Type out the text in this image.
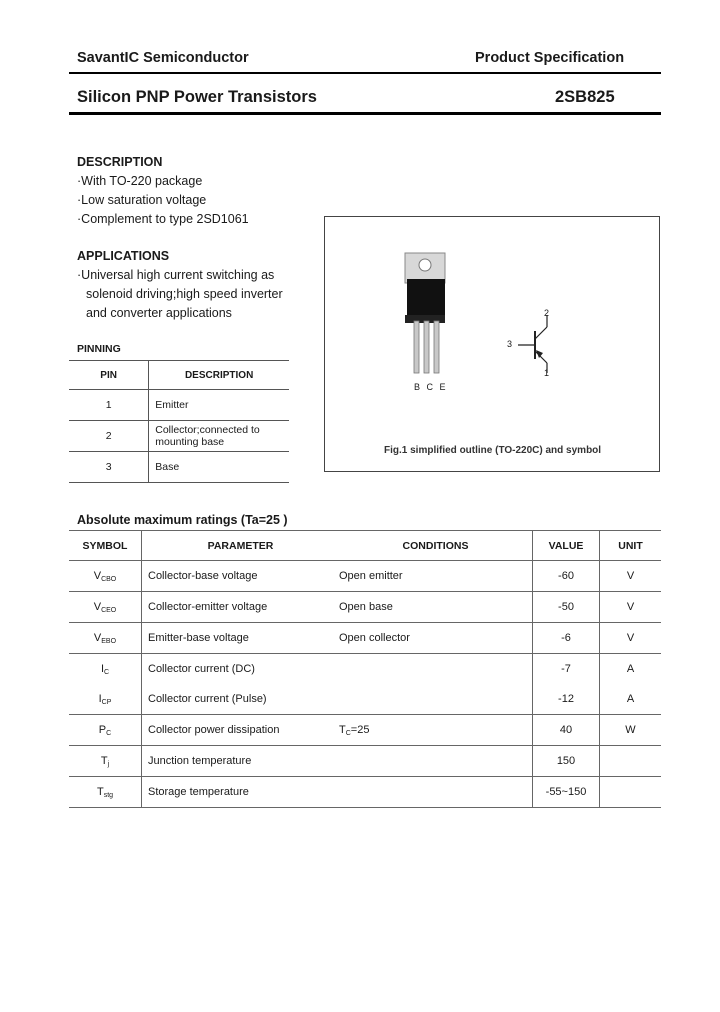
SavantIC Semiconductor	Product Specification
Silicon PNP Power Transistors	2SB825
DESCRIPTION
·With TO-220 package
·Low saturation voltage
·Complement to type 2SD1061
APPLICATIONS
·Universal high current switching as
solenoid driving;high speed inverter
and converter applications
PINNING
PIN	DESCRIPTION
1	Emitter
2	Collector;connected to mounting base
3	Base
B C E
3
2
1
Fig.1 simplified outline (TO-220C) and symbol
Absolute maximum ratings (Ta=25 )
SYMBOL	PARAMETER	CONDITIONS	VALUE	UNIT
$V_{CBO}$	Collector-base voltage	Open emitter	-60	V
$V_{CEO}$	Collector-emitter voltage	Open base	-50	V
$V_{EBO}$	Emitter-base voltage	Open collector	-6	V
$I_C$	Collector current (DC)		-7	A
$I_{CP}$	Collector current (Pulse)		-12	A
$P_C$	Collector power dissipation	$T_C=25$	40	W
$T_j$	Junction temperature		150	
$T_{stg}$	Storage temperature		-55~150	
